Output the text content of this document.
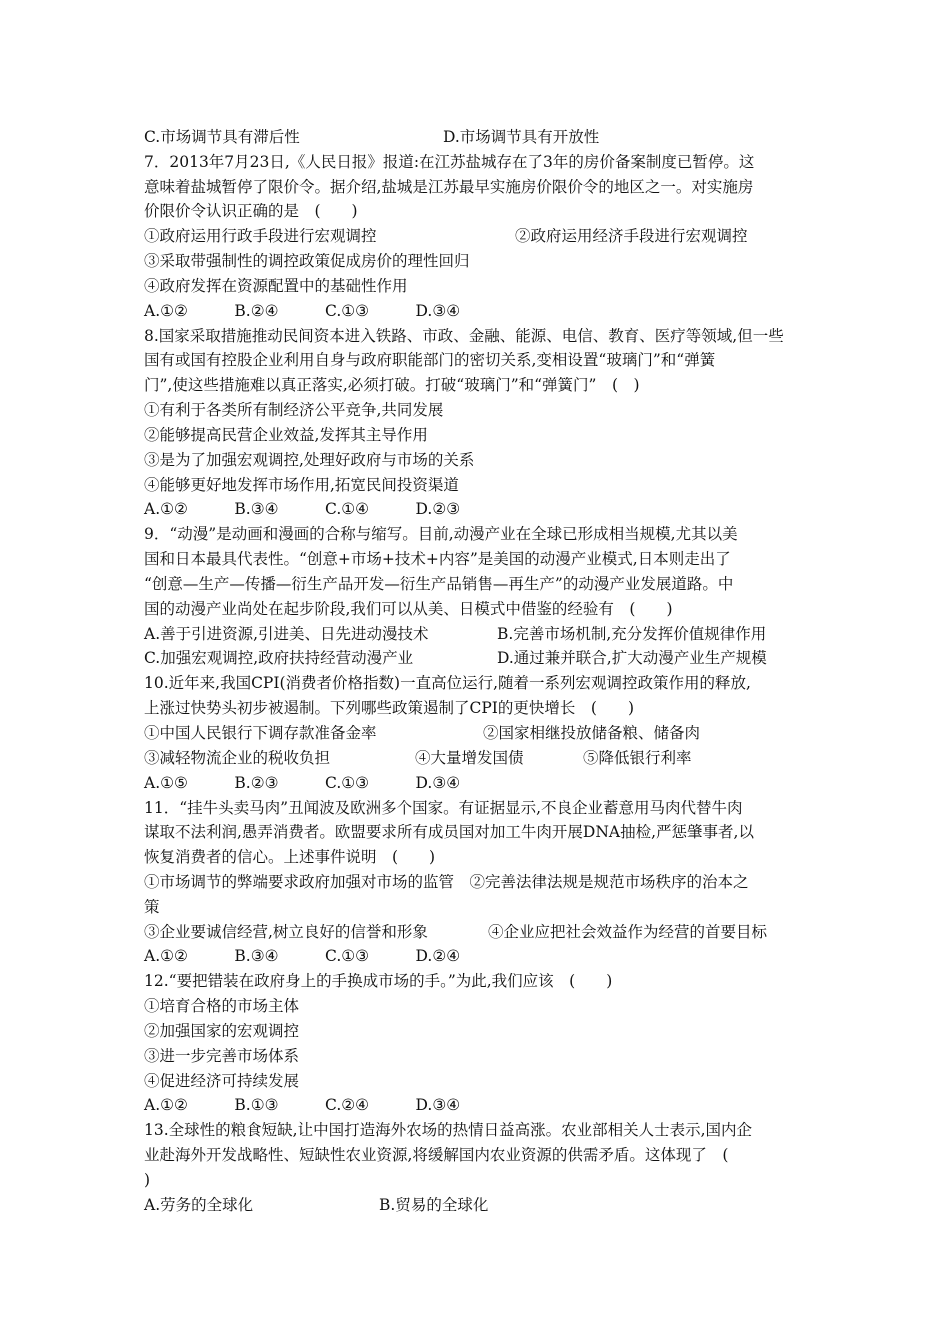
C.市场调节具有滞后性	D.市场调节具有开放性
7．2013年7月23日,《人民日报》报道:在江苏盐城存在了3年的房价备案制度已暂停。这
意味着盐城暂停了限价令。据介绍,盐城是江苏最早实施房价限价令的地区之一。对实施房
价限价令认识正确的是　(　　)
①政府运用行政手段进行宏观调控	②政府运用经济手段进行宏观调控
③采取带强制性的调控政策促成房价的理性回归
④政府发挥在资源配置中的基础性作用
A.①②　　　B.②④　　　C.①③　　　D.③④
8.国家采取措施推动民间资本进入铁路、市政、金融、能源、电信、教育、医疗等领域,但一些
国有或国有控股企业利用自身与政府职能部门的密切关系,变相设置“玻璃门”和“弹簧
门”,使这些措施难以真正落实,必须打破。打破“玻璃门”和“弹簧门”　(　)
①有利于各类所有制经济公平竞争,共同发展
②能够提高民营企业效益,发挥其主导作用
③是为了加强宏观调控,处理好政府与市场的关系
④能够更好地发挥市场作用,拓宽民间投资渠道
A.①②　　　B.③④　　　C.①④　　　D.②③
9．“动漫”是动画和漫画的合称与缩写。目前,动漫产业在全球已形成相当规模,尤其以美
国和日本最具代表性。“创意+市场+技术+内容”是美国的动漫产业模式,日本则走出了
“创意—生产—传播—衍生产品开发—衍生产品销售—再生产”的动漫产业发展道路。中
国的动漫产业尚处在起步阶段,我们可以从美、日模式中借鉴的经验有　(　　)
A.善于引进资源,引进美、日先进动漫技术	B.完善市场机制,充分发挥价值规律作用
C.加强宏观调控,政府扶持经营动漫产业	D.通过兼并联合,扩大动漫产业生产规模
10.近年来,我国CPI(消费者价格指数)一直高位运行,随着一系列宏观调控政策作用的释放,
上涨过快势头初步被遏制。下列哪些政策遏制了CPI的更快增长　(　　)
①中国人民银行下调存款准备金率	②国家相继投放储备粮、储备肉
③减轻物流企业的税收负担	④大量增发国债	⑤降低银行利率
A.①⑤　　　B.②③　　　C.①③　　　D.③④
11．“挂牛头卖马肉”丑闻波及欧洲多个国家。有证据显示,不良企业蓄意用马肉代替牛肉
谋取不法利润,愚弄消费者。欧盟要求所有成员国对加工牛肉开展DNA抽检,严惩肇事者,以
恢复消费者的信心。上述事件说明　(　　)
①市场调节的弊端要求政府加强对市场的监管　②完善法律法规是规范市场秩序的治本之
策
③企业要诚信经营,树立良好的信誉和形象	④企业应把社会效益作为经营的首要目标
A.①②　　　B.③④　　　C.①③　　　D.②④
12.“要把错装在政府身上的手换成市场的手。”为此,我们应该　(　　)
①培育合格的市场主体
②加强国家的宏观调控
③进一步完善市场体系
④促进经济可持续发展
A.①②　　　B.①③　　　C.②④　　　D.③④
13.全球性的粮食短缺,让中国打造海外农场的热情日益高涨。农业部相关人士表示,国内企
业赴海外开发战略性、短缺性农业资源,将缓解国内农业资源的供需矛盾。这体现了　(
)
A.劳务的全球化	B.贸易的全球化
